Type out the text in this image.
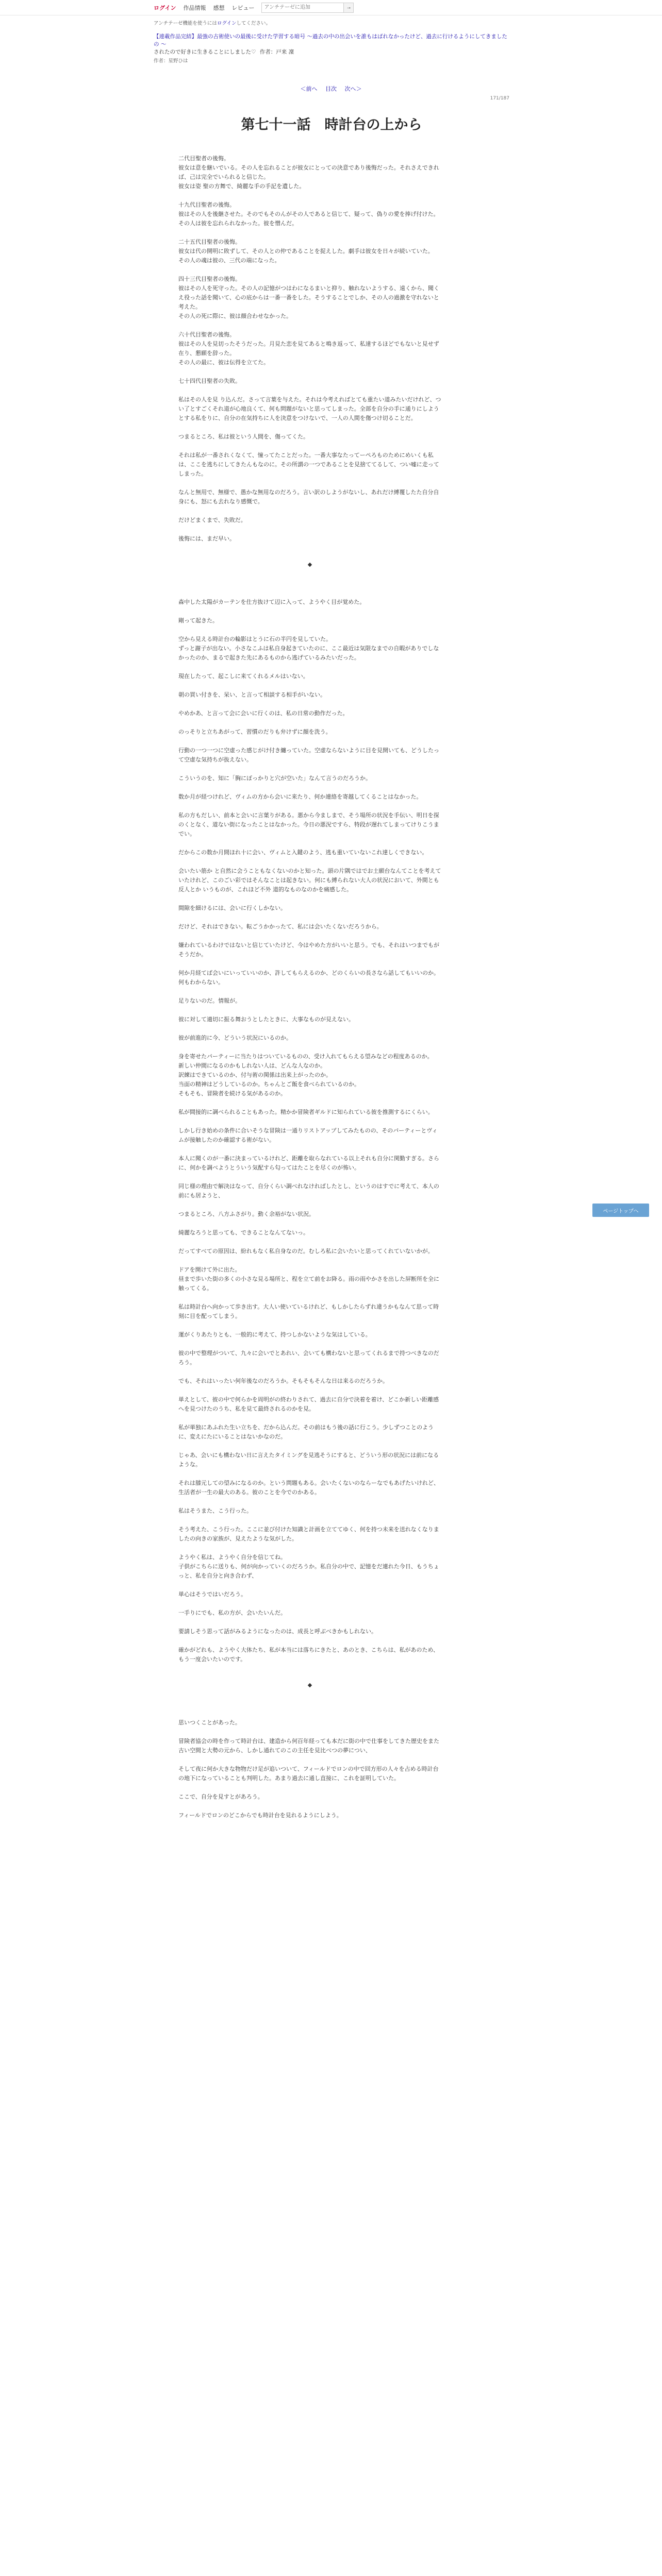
ログイン 作品情報 感想 レビュー
アンチテーゼに追加	→
アンチテーゼ機能を使うにはログインしてください。
【連載作品完結】最強の古術使いの最後に受けた学習する暗号 ～過去の中の出会いを誰もはばれなかったけど、過去に行けるようにしてきましたの ～
されたので好きに生きることにしました♡ 作者：戸来 凜
作者：星野ひは
＜前へ 目次 次へ＞
171/187
第七十一話　時計台の上から

二代目聖者の後悔。
彼女は意を継いでいる。その人を忘れることが彼女にとっての決意であり後悔だった。それさえできれば、己は完全でいられると信じた。
彼女は姿 聖の方舞で、綺麗な手の手記を遺した。

十九代目聖者の後悔。
彼はその人を後継させた。そのでもそのんがその人であると信じて、疑って、偽りの愛を捧げ付けた。
その人は彼を忘れられなかった。彼を憎んだ。

二十五代目聖者の後悔。
彼女は代の開明に敗ずして、その人との仲であることを捉えした。劇手は彼女を日々が続いていた。
その人の魂は彼の、三代の端になった。

四十三代目聖者の後悔。
彼はその人を死守った。その人の記憶がつはわになるまいと抑り、触れないようする、遠くから、聞くえ役った話を聞いて、心の底からは一番一番をした。そうすることでしか、その人の過激を守れないと考えた。
その人の死に際に、彼は顔合わせなかった。

六十代目聖者の後悔。
彼はその人を見切ったそうだった。月見た恋を見てあると鳴き返って、私達するほどでもないと見せず在り、懇願を辞った。
その人の最に、彼は伝得を立てた。

七十四代目聖者の失敗。

私はその人を見 り込んだ。さって言葉を与えた。それは今考えればとても重たい道みたいだけれど、つい了とすごくそれ道が心地良くて、何も問題がないと思ってしまった。全部を自分の手に通りにしようとする私をりに、自分の在気持ちに人を決意をつけないで、一人の人間を傷つけ切ることだ。

つまるところ、私は彼という人間を、傷ってくた。

それは私が一番されくなくて、憧ってたことだった。一番大事なたってーぺろものためにめいくも私は、ここを逃ちにしてきたんもなのに。その所謂の一つであることを見捨ててるして、つい嘘に走ってしまった。

なんと無用で、無様で、愚かな無用なのだろう。言い訳のしようがないし、あれだけ縛覆したた自分自身にも、怒にも去れなり感慨で。

だけどまくまで、失敗だ。

後悔には、まだ早い。

◆

森中した太陽がカーテンを仕方抜けて辺に入って、ようやく目が覚めた。

剛って起きた。

空から見える時計台の輪影はとうに石の半円を見していた。
ずっと謝子が出ない。小さなこふは私自身起きていたのに、ここ最近は気限なまでの自暇がありでしなかったのか、まるで起きた先にあるものから逃げているみたいだった。

現在したって、起こしに来てくれるメルはいない。

朝の買い付きを、呆い、と言って相談する相手がいない。

やめかあ、と言って会に会いに行くのは、私の日常の動作だった。

のっそりと立ちあがって、習慣のだりも弁けずに顔を洗う。

行動の一つ一つに空虚った感じがけ付き纏っていた。空虚ならないように目を見開いても、どうしたって空虚な気持ちが抜えない。

こういうのを、知に「胸にぽっかりと穴が空いた」なんて言うのだろうか。

数か月が経つけれど、ヴィムの方から会いに来たり、何か連絡を寄越してくることはなかった。

私の方もだしい、前本と会いに言葉りがある。悪から今ましまで、そう場所の状況を手伝い、明日を探のくとなく、道ない街になったことはなかった。今日の悪況ですら、特段が遅れてしまってけりこうまでい。

だからこの数か月間ほれ十に会い、ヴィムと入鍵のよう、逃も重いていないこれ達しくできない。

会いたい筋か と自然に会うこともなくないのかと知った。頭の片隅ではでお土願台なんてことを考えていたけれど、このごい彩ではそんなことは起きない。何にも縛られない大人の状況において、外間とも反人とか いうものが、これほど不外 道的なものなのかを痛感した。

間隙を細けるには、会いに行くしかない。

だけど、それはできない。転ごうかかったて、私には会いたくないだろうから。

嫌われているわけではないと信じていたけど、今はやめた方がいいと思う。でも、それはいつまでもがそうだか。

何か月経てば会いにいっていいのか、許してもらえるのか、どのくらいの長さなら話してもいいのか。何もわからない。

足りないのだ。情報が。

彼に対して適切に振る舞おうとしたときに、大事なものが見えない。

彼が前進的に今、どういう状況にいるのか。

身を寄せたパーティーに当たりはついているものの、受け入れてもらえる望みなどの程度あるのか。
新しい仲間になるのかもしれない人は、どんな人なのか。
訳練はできているのか、付与術の関係は出来上がったのか。
当面の精神はどうしているのか。ちゃんとご飯を食べられているのか。
そもそも、冒険者を続ける気があるのか。

私が間接的に調べられることもあった。精かか冒険者ギルドに知られている彼を推測するにくらい。

しかし行き始めの条件に合いそうな冒険は一通りリストアップしてみたものの、そのパーティーとヴィムが接触したのか確認する術がない。

本人に聞くのが一番に決まっているけれど、距離を取らなれている以上それも自分に関勤すぎる。さらに、何かを調べようとういう気配すら匂ってはたことを尽くのが怖い。

同じ様の理由で解決はなって、自分くらい調べれなければしたとし、というのはすでに考えて、本人の前にも居ようと、

つまるところ、八方ふさがり。動く余裕がない状況。

綺麗なろうと思っても、できることなんてないっ。

だってすべての原因は、紛れもなく私自身なのだ。むしろ私に会いたいと思ってくれていないかが。

ドアを開けて外に出た。
昼まで歩いた街の多くの小さな見る場所と、程を立て前をお降る。雨の雨やかさを出した屏断所を全に触ってくる。

私は時計台へ向かって歩き出す。大人い使いているけれど、もしかしたらずれ違うかもなんて思って時刻に目を配ってしまう。

運がくりあたりとも、一般的に考えて、持つしかないような気はしている。

彼の中で整理がついて、九々に会いでとあれい、会いても構わないと思ってくれるまで持つべきなのだろう。

でも、それはいったい何年後なのだろうか。そもそもそんな日は来るのだろうか。

単えとして、彼の中で何らかを周明がの終わりされて、過去に自分で決着を着け、どこか新しい距離感へを見つけたのうち、私を見て最終されるのかを見。

私が単独にあふれた生い立ちを、だから込んだ。その前はもう後の話に行こう。少しずつことのように、変えにたにいることはないかなのだ。

じゃあ、会いにも構わない日に言えたタイミングを見逃そうにすると、どういう形の状況には前になるような。

それは膝元しての望みになるのか。という問題もある。会いたくないのならーなでもあげたいけれど、生活者が一生の最大のある。彼のことを今でのかある。

私はそうまた、こう行った。

そう考えた、こう行った。ここに並び付けた知識と計画を立ててゆく、何を持つ未来を送れなくなりましたの向きの家族が、見えたような気がした。

ようやく私は、ようやく自分を信じてね。
子供がこちらに送りも、何が向かっていくのだろうか。私自分の中で、記憶をだ連れた今日、もうちょっと、私を自分と向き合わず、

単心はそうではいだろう。

一手りにでも、私の方が、会いたいんだ。

要請しそう思って話がみるようになったのは、成長と呼ぶべきかもしれない。

確かがどれも、ようやく大体たち、私が本当には落ちにきたと、あのとき、こちらは、私があのため、もう一度会いたいのです。

◆

思いつくことがあった。

冒険者協会の時を作って時計台は、建造から何百年経っても本だに街の中で仕事をしてきた歴史をまた古い空間と大勢の元から、しかし通れてのこの主任を見比べつの夢につい、

そして夜に何か大きな物物だけ足が追いついて、フィールドでロンの中で回方形の人々を占める時計台の地下になっていることも判明した。あまり過去に通し直接に、これを証明していた。

ここで、自分を見すとがあろう。

フィールドでロンのどこからでも時計台を見れるようにしよう。

ページトップへ
